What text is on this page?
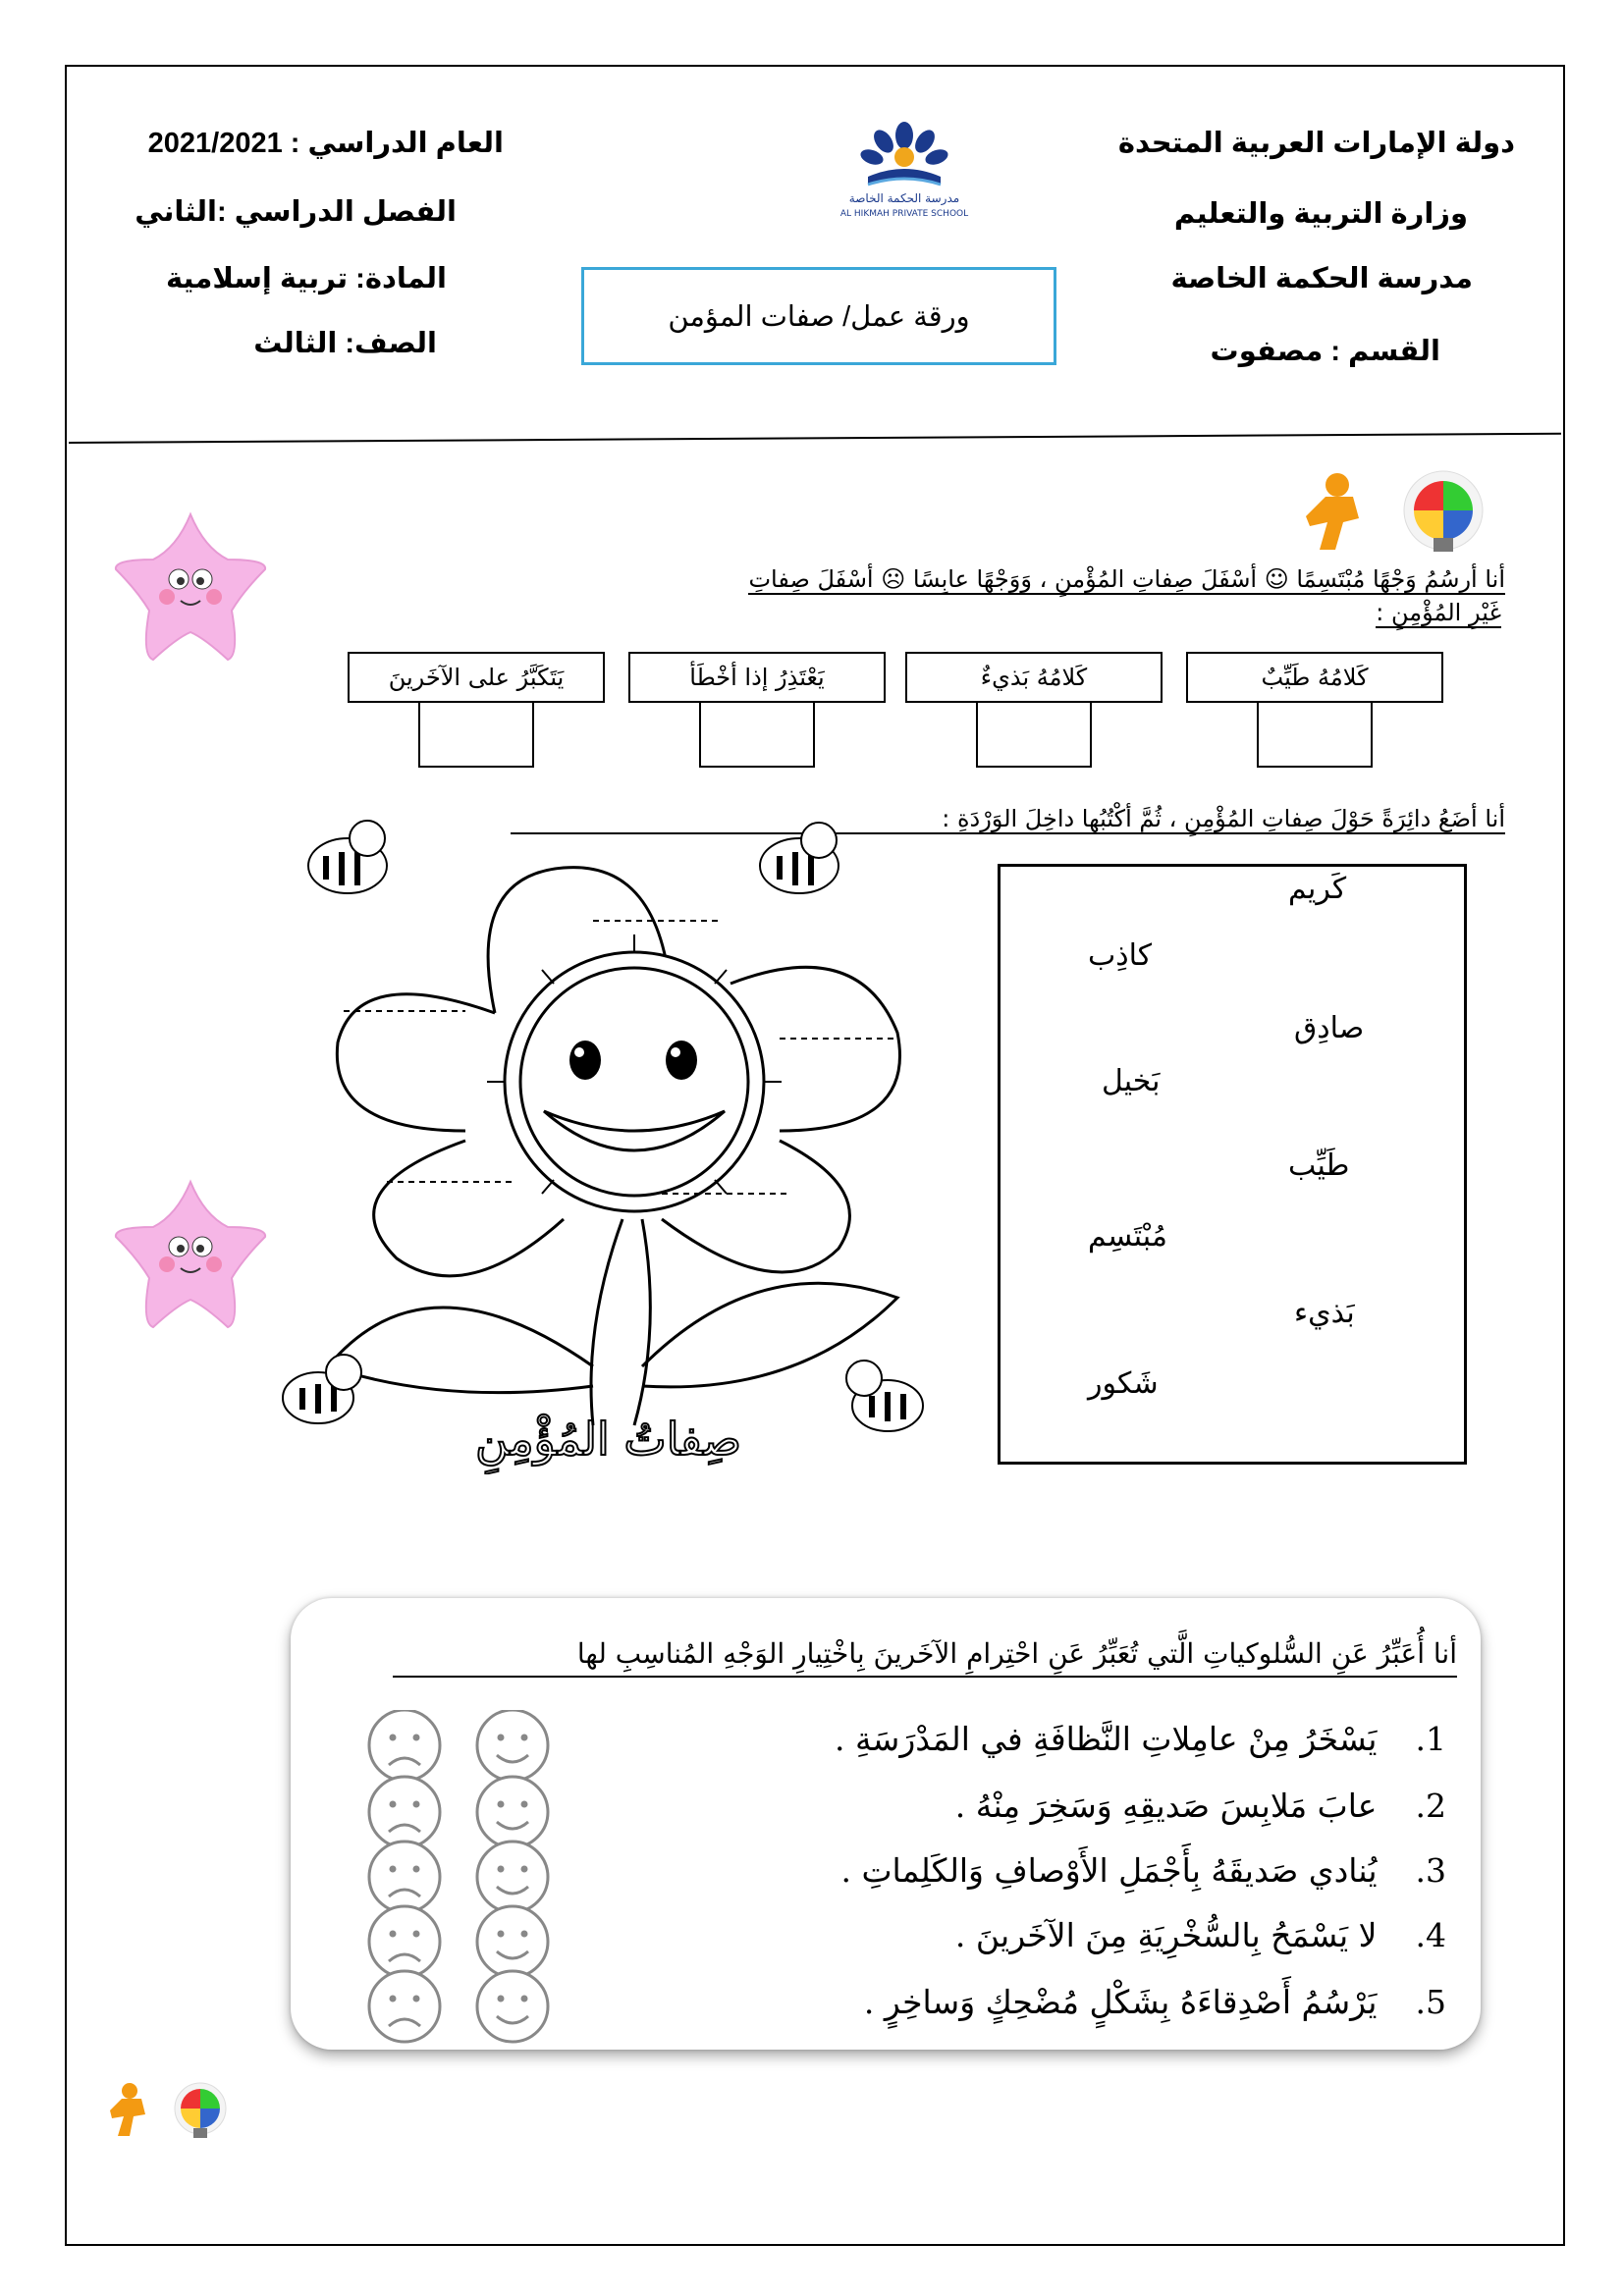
دولة الإمارات العربية المتحدة
وزارة التربية والتعليم
مدرسة الحكمة الخاصة
القسم : مصفوت
العام الدراسي : 2021/2021
الفصل الدراسي :الثاني
المادة: تربية إسلامية
الصف: الثالث
مدرسة الحكمة الخاصة
AL HIKMAH PRIVATE SCHOOL
ورقة عمل/ صفات المؤمن
أنا أرسُمُ وَجْهًا مُبْتَسِمًا ☺ أسْفَلَ صِفاتِ المُؤْمنِ ، وَوَجْهًا عابِسًا ☹ أسْفَلَ صِفاتِ
غَيْرِ المُؤْمِنِ :
كَلامُهُ طَيِّبٌ
كَلامُهُ بَذيءٌ
يَعْتَذِرُ إذا أخْطَأ
يَتَكَبَّرُ على الآخَرينَ
أنا أضَعُ دائِرَةً حَوْلَ صِفاتِ المُؤْمِنِ ، ثُمَّ أكْتُبُها داخِلَ الوَرْدَةِ :
صِفاتُ المُؤْمِنِ
كَريم
كاذِب
صادِق
بَخيل
طَيِّب
مُبْتَسِم
بَذيء
شَكور
أنا أُعَبِّرُ عَنِ السُّلوكياتِ الَّتي تُعَبِّرُ عَنِ احْتِرامِ الآخَرينَ بِاخْتِيارِ الوَجْهِ المُناسِبِ لها
1. يَسْخَرُ مِنْ عامِلاتِ النَّظافَةِ في المَدْرَسَةِ .
2. عابَ مَلابِسَ صَديقِهِ وَسَخِرَ مِنْهُ .
3. يُنادي صَديقَهُ بِأَجْمَلِ الأَوْصافِ وَالكَلِماتِ .
4. لا يَسْمَحُ بِالسُّخْرِيَةِ مِنَ الآخَرينَ .
5. يَرْسُمُ أَصْدِقاءَهُ بِشَكْلٍ مُضْحِكٍ وَساخِرٍ .
